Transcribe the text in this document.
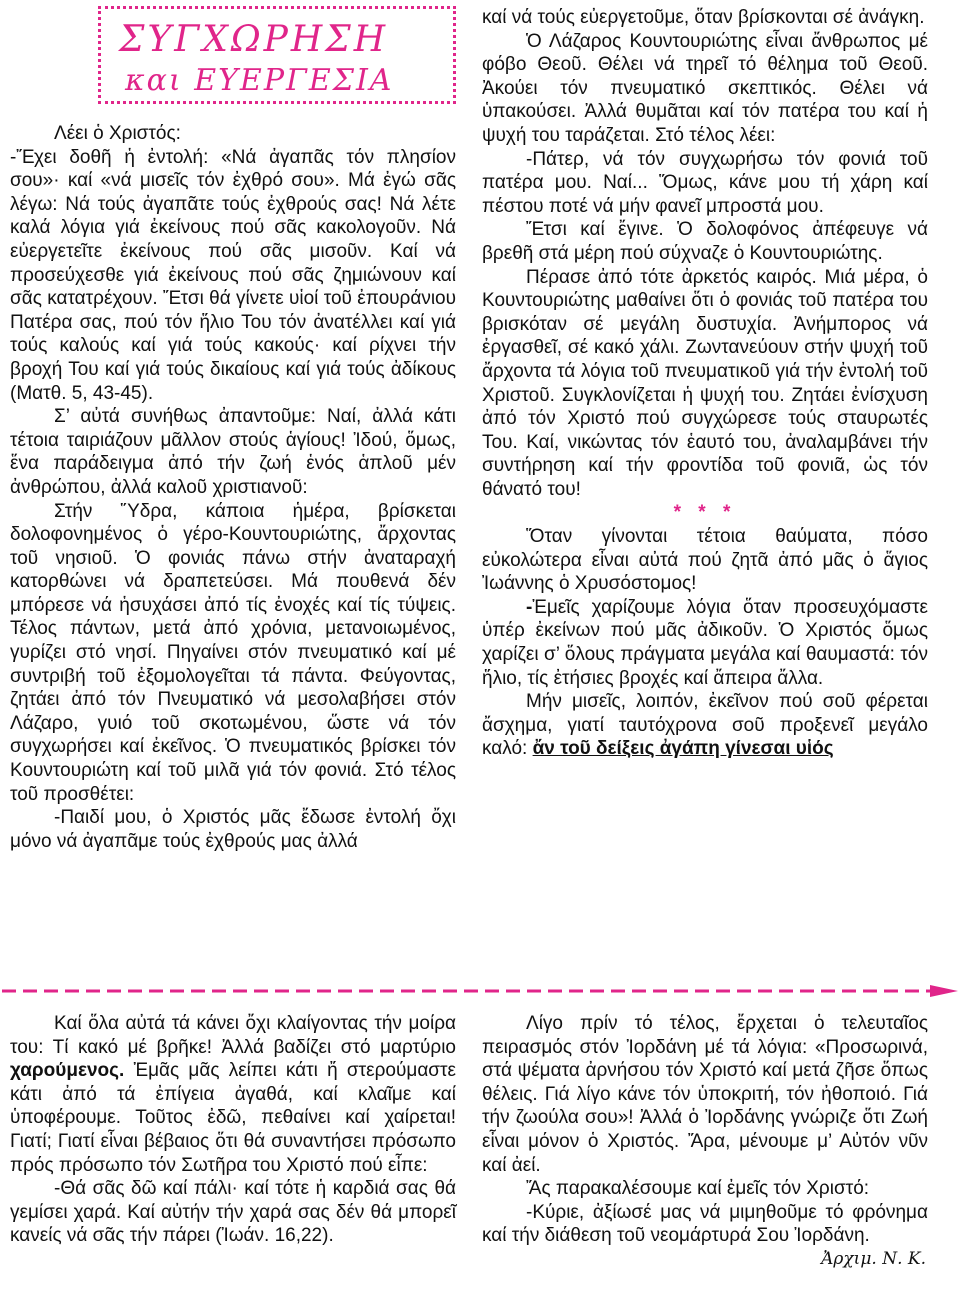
ΣΥΓΧΩΡΗΣΗ
και ΕΥΕΡΓΕΣΙΑ

Λέει ὁ Χριστός:

-Ἔχει δοθῆ ἡ ἐντολή: «Νά ἀγαπᾶς τόν πλησίον σου»· καί «νά μισεῖς τόν ἐχθρό σου». Μά ἐγώ σᾶς λέγω: Νά τούς ἀγαπᾶτε τούς ἐχθρούς σας! Νά λέτε καλά λόγια γιά ἐκείνους πού σᾶς κακολογοῦν. Νά εὐεργετεῖτε ἐκείνους πού σᾶς μισοῦν. Καί νά προσεύχεσθε γιά ἐκείνους πού σᾶς ζημιώνουν καί σᾶς κατατρέχουν. Ἔτσι θά γίνετε υἱοί τοῦ ἐπουράνιου Πατέρα σας, πού τόν ἥλιο Του τόν ἀνατέλλει καί γιά τούς καλούς καί γιά τούς κακούς· καί ρίχνει τήν βροχή Του καί γιά τούς δικαίους καί γιά τούς ἀδίκους (Ματθ. 5, 43-45).

Σ’ αὐτά συνήθως ἀπαντοῦμε: Ναί, ἀλλά κάτι τέτοια ταιριάζουν μᾶλλον στούς ἁγίους! Ἰδού, ὅμως, ἕνα παράδειγμα ἀπό τήν ζωή ἑνός ἁπλοῦ μέν ἀνθρώπου, ἀλλά καλοῦ χριστιανοῦ:

Στήν Ὕδρα, κάποια ἡμέρα, βρίσκεται δολοφονημένος ὁ γέρο-Κουντουριώτης, ἄρχοντας τοῦ νησιοῦ. Ὁ φονιάς πάνω στήν ἀναταραχή κατορθώνει νά δραπετεύσει. Μά πουθενά δέν μπόρεσε νά ἡσυχάσει ἀπό τίς ἐνοχές καί τίς τύψεις. Τέλος πάντων, μετά ἀπό χρόνια, μετανοιωμένος, γυρίζει στό νησί. Πηγαίνει στόν πνευματικό καί μέ συντριβή τοῦ ἐξομολογεῖται τά πάντα. Φεύγοντας, ζητάει ἀπό τόν Πνευματικό νά μεσολαβήσει στόν Λάζαρο, γυιό τοῦ σκοτωμένου, ὥστε νά τόν συγχωρήσει καί ἐκεῖνος. Ὁ πνευματικός βρίσκει τόν Κουντουριώτη καί τοῦ μιλᾶ γιά τόν φονιά. Στό τέλος τοῦ προσθέτει:

-Παιδί μου, ὁ Χριστός μᾶς ἔδωσε ἐντολή ὄχι μόνο νά ἀγαπᾶμε τούς ἐχθρούς μας ἀλλά

καί νά τούς εὐεργετοῦμε, ὅταν βρίσκονται σέ ἀνάγκη.

Ὁ Λάζαρος Κουντουριώτης εἶναι ἄνθρωπος μέ φόβο Θεοῦ. Θέλει νά τηρεῖ τό θέλημα τοῦ Θεοῦ. Ἀκούει τόν πνευματικό σκεπτικός. Θέλει νά ὑπακούσει. Ἀλλά θυμᾶται καί τόν πατέρα του καί ἡ ψυχή του ταράζεται. Στό τέλος λέει:

-Πάτερ, νά τόν συγχωρήσω τόν φονιά τοῦ πατέρα μου. Ναί... Ὅμως, κάνε μου τή χάρη καί πέστου ποτέ νά μήν φανεῖ μπροστά μου.

Ἔτσι καί ἔγινε. Ὁ δολοφόνος ἀπέφευγε νά βρεθῆ στά μέρη πού σύχναζε ὁ Κουντουριώτης.

Πέρασε ἀπό τότε ἀρκετός καιρός. Μιά μέρα, ὁ Κουντουριώτης μαθαίνει ὅτι ὁ φονιάς τοῦ πατέρα του βρισκόταν σέ μεγάλη δυστυχία. Ἀνήμπορος νά ἐργασθεῖ, σέ κακό χάλι. Ζωντανεύουν στήν ψυχή τοῦ ἄρχοντα τά λόγια τοῦ πνευματικοῦ γιά τήν ἐντολή τοῦ Χριστοῦ. Συγκλονίζεται ἡ ψυχή του. Ζητάει ἐνίσχυση ἀπό τόν Χριστό πού συγχώρεσε τούς σταυρωτές Του. Καί, νικώντας τόν ἑαυτό του, ἀναλαμβάνει τήν συντήρηση καί τήν φροντίδα τοῦ φονιᾶ, ὡς τόν θάνατό του!

* * *

Ὅταν γίνονται τέτοια θαύματα, πόσο εὐκολώτερα εἶναι αὐτά πού ζητᾶ ἀπό μᾶς ὁ ἅγιος Ἰωάννης ὁ Χρυσόστομος!

-Ἐμεῖς χαρίζουμε λόγια ὅταν προσευχόμαστε ὑπέρ ἐκείνων πού μᾶς ἀδικοῦν. Ὁ Χριστός ὅμως χαρίζει σ’ ὅλους πράγματα μεγάλα καί θαυμαστά: τόν ἥλιο, τίς ἐτήσιες βροχές καί ἄπειρα ἄλλα.

Μήν μισεῖς, λοιπόν, ἐκεῖνον πού σοῦ φέρεται ἄσχημα, γιατί ταυτόχρονα σοῦ προξενεῖ μεγάλο καλό: ἄν τοῦ δείξεις ἀγάπη γίνεσαι υἱός

Καί ὅλα αὐτά τά κάνει ὄχι κλαίγοντας τήν μοίρα του: Τί κακό μέ βρῆκε! Ἀλλά βαδίζει στό μαρτύριο χαρούμενος. Ἐμᾶς μᾶς λείπει κάτι ἤ στερούμαστε κάτι ἀπό τά ἐπίγεια ἀγαθά, καί κλαῖμε καί ὑποφέρουμε. Τοῦτος ἐδῶ, πεθαίνει καί χαίρεται! Γιατί; Γιατί εἶναι βέβαιος ὅτι θά συναντήσει πρόσωπο πρός πρόσωπο τόν Σωτῆρα του Χριστό πού εἶπε:

-Θά σᾶς δῶ καί πάλι· καί τότε ἡ καρδιά σας θά γεμίσει χαρά. Καί αὐτήν τήν χαρά σας δέν θά μπορεῖ κανείς νά σᾶς τήν πάρει (Ἰωάν. 16,22).

Λίγο πρίν τό τέλος, ἔρχεται ὁ τελευταῖος πειρασμός στόν Ἰορδάνη μέ τά λόγια: «Προσωρινά, στά ψέματα ἀρνήσου τόν Χριστό καί μετά ζῆσε ὅπως θέλεις. Γιά λίγο κάνε τόν ὑποκριτή, τόν ἠθοποιό. Γιά τήν ζωούλα σου»! Ἀλλά ὁ Ἰορδάνης γνώριζε ὅτι Ζωή εἶναι μόνον ὁ Χριστός. Ἄρα, μένουμε μ’ Αὐτόν νῦν καί ἀεί.

Ἄς παρακαλέσουμε καί ἐμεῖς τόν Χριστό:

-Κύριε, ἀξίωσέ μας νά μιμηθοῦμε τό φρόνημα καί τήν διάθεση τοῦ νεομάρτυρά Σου Ἰορδάνη.

Ἀρχιμ. Ν. Κ.
